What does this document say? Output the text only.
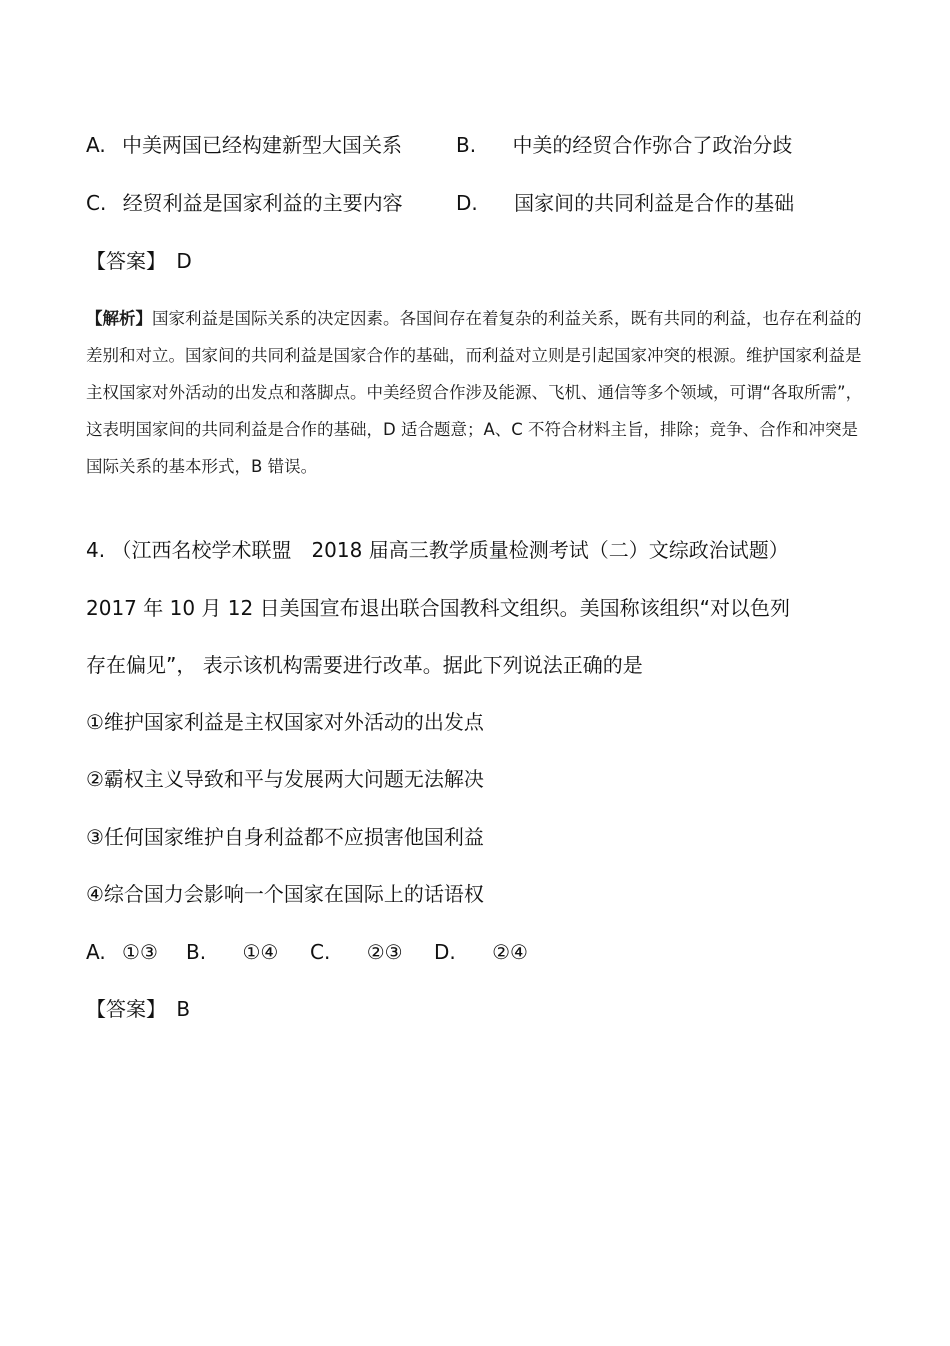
A. 中美两国已经构建新型大国关系	B. 中美的经贸合作弥合了政治分歧
C. 经贸利益是国家利益的主要内容	D. 国家间的共同利益是合作的基础
【答案】 D
【解析】国家利益是国际关系的决定因素。各国间存在着复杂的利益关系，既有共同的利益，也存在利益的差别和对立。国家间的共同利益是国家合作的基础，而利益对立则是引起国家冲突的根源。维护国家利益是主权国家对外活动的出发点和落脚点。中美经贸合作涉及能源、飞机、通信等多个领域，可谓“各取所需”，这表明国家间的共同利益是合作的基础，D 适合题意；A、C 不符合材料主旨，排除；竞争、合作和冲突是国际关系的基本形式，B 错误。
4. （江西名校学术联盟　2018 届高三教学质量检测考试（二）文综政治试题）
2017 年 10 月 12 日美国宣布退出联合国教科文组织。美国称该组织“对以色列
存在偏见”， 表示该机构需要进行改革。据此下列说法正确的是
①维护国家利益是主权国家对外活动的出发点
②霸权主义导致和平与发展两大问题无法解决
③任何国家维护自身利益都不应损害他国利益
④综合国力会影响一个国家在国际上的话语权
A. ①③ B. ①④ C. ②③ D. ②④
【答案】 B
